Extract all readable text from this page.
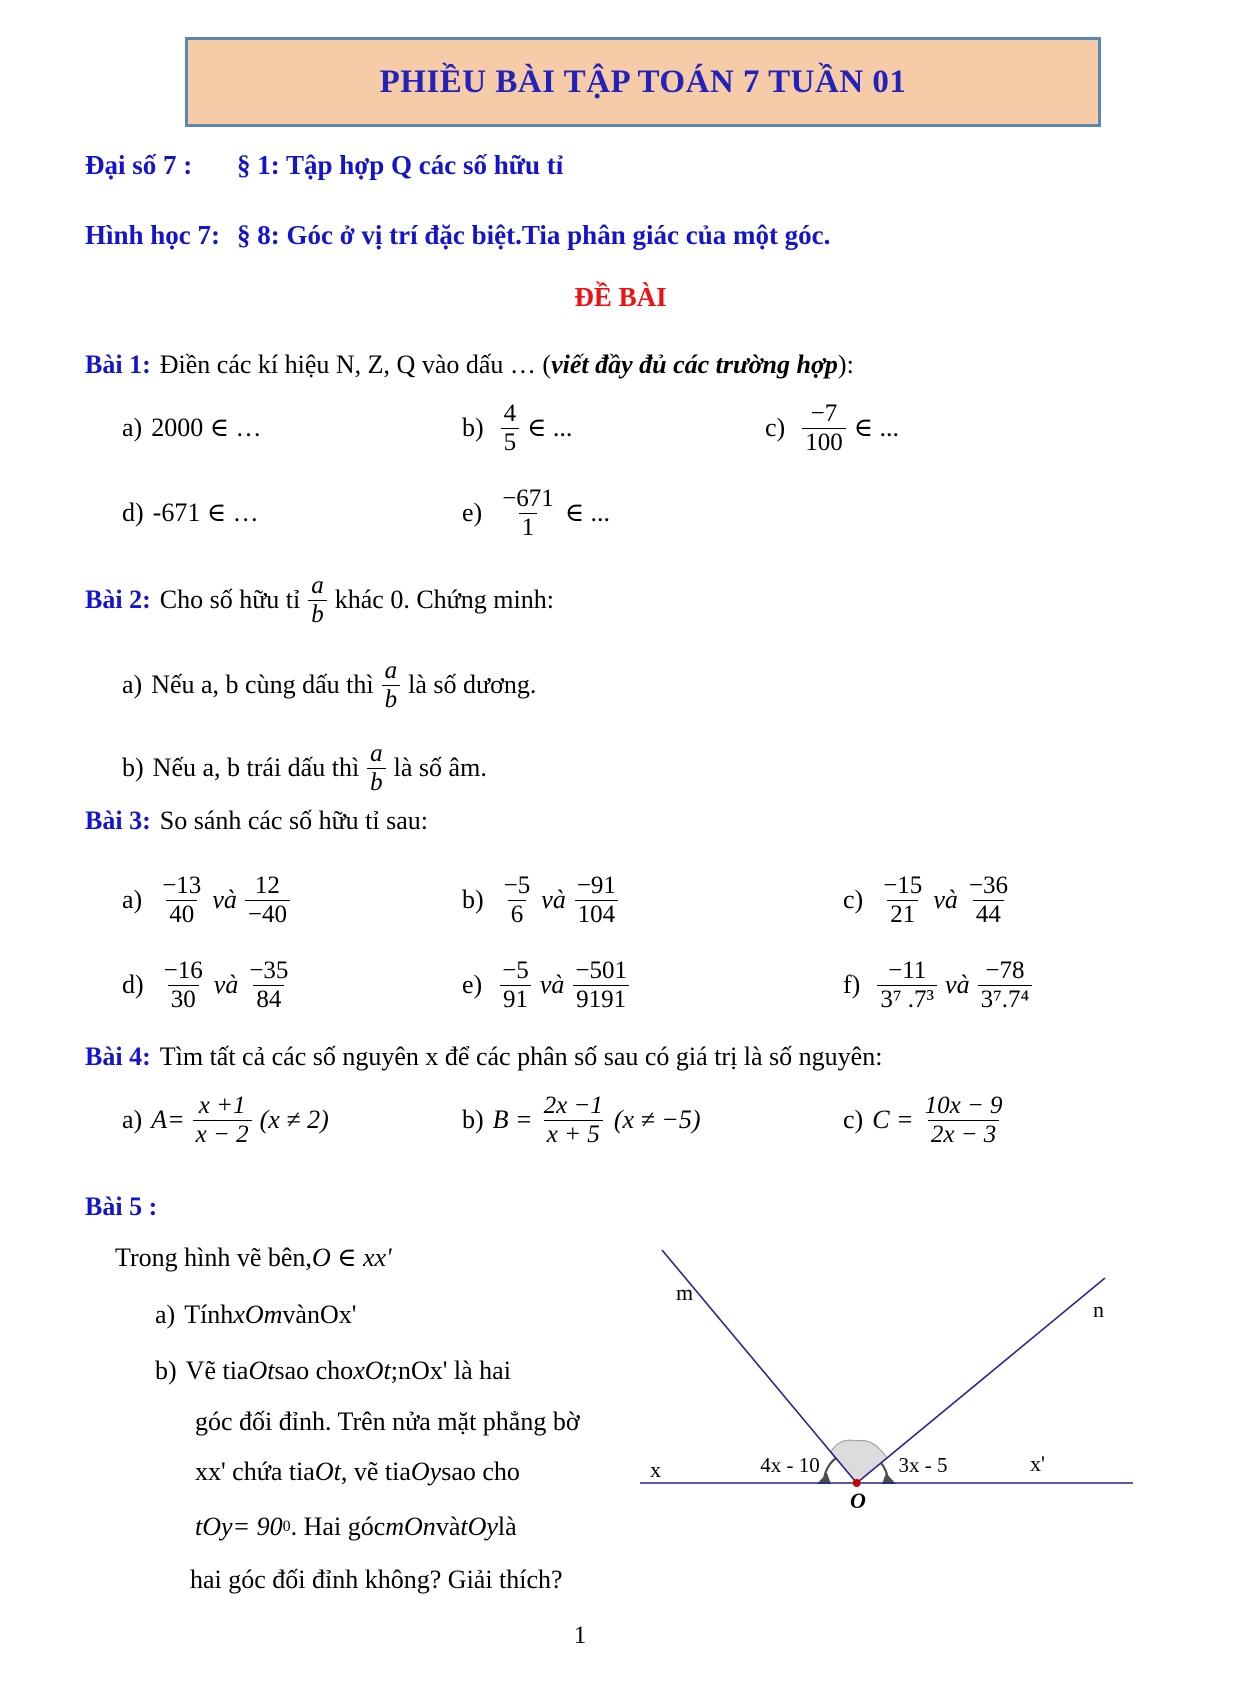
PHIỀU BÀI TẬP TOÁN 7 TUẦN 01
Đại số 7 : § 1: Tập hợp Q các số hữu tỉ
Hình học 7: § 8: Góc ở vị trí đặc biệt.Tia phân giác của một góc.
ĐỀ BÀI
Bài 1: Điền các kí hiệu N, Z, Q vào dấu … ( viết đầy đủ các trường hợp ):
a) 2000 ∈ …	$b) \frac{4}{5}$ ∈ ...	$c) \frac{-7}{100}$ ∈ ...
d) -671 ∈ …	$e) \frac{-671}{1}$ ∈ ...
Bài 2: Cho số hữu tỉ $\frac{a}{b}$ khác 0. Chứng minh:
a) Nếu a, b cùng dấu thì $\frac{a}{b}$ là số dương.
b) Nếu a, b trái dấu thì $\frac{a}{b}$ là số âm.
Bài 3: So sánh các số hữu tỉ sau:
$a) \frac{-13}{40}$ và $\frac{12}{-40}$	$b) \frac{-5}{6}$ và $\frac{-91}{104}$	$c) \frac{-15}{21}$ và $\frac{-36}{44}$
$d) \frac{-16}{30}$ và $\frac{-35}{84}$	$e) \frac{-5}{91}$ và $\frac{-501}{9191}$	$f) \frac{-11}{\text{3⁷ .7³}}$ và $\frac{-78}{\text{3⁷.7⁴}}$
Bài 4: Tìm tất cả các số nguyên x để các phân số sau có giá trị là số nguyên:
a) $A= \frac{x +1}{x - 2} (x \ne 2)$	b) $B = \frac{2x -1}{x + 5} (x \ne -5)$	c) $C = \frac{10x - 9}{2x - 3}$
Bài 5 :
Trong hình vẽ bên, O ∈ xx'
a) Tính xOm và nOx'
b) Vẽ tia Ot sao cho xOt ;nOx' là hai
góc đối đỉnh. Trên nửa mặt phẳng bờ
xx' chứa tia Ot , vẽ tia Oy sao cho
tOy = 90 0 . Hai góc mOn và tOy là
hai góc đối đỉnh không? Giải thích?
m
n
x	x'
O
4x - 10	3x - 5
1
